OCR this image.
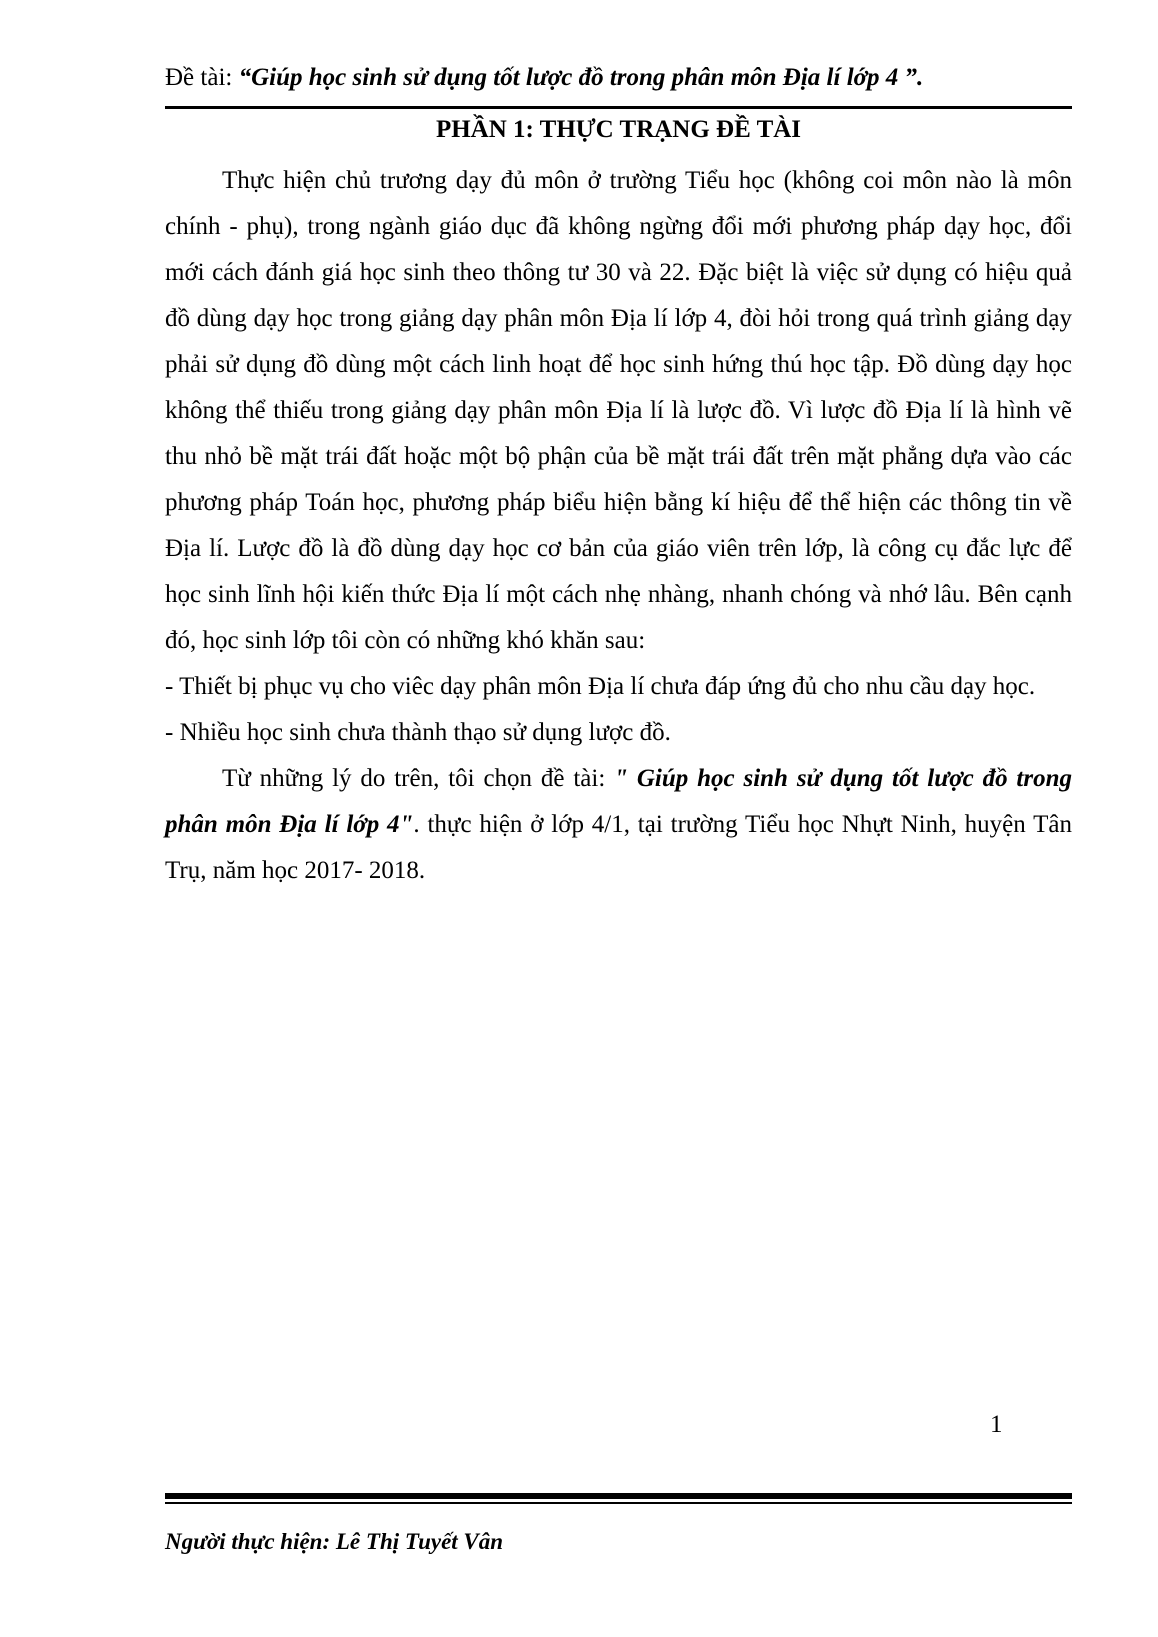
Đề tài: “Giúp học sinh sử dụng tốt lược đồ trong phân môn Địa lí lớp 4 ”.
PHẦN 1: THỰC TRẠNG ĐỀ TÀI

Thực hiện chủ trương dạy đủ môn ở trường Tiểu học (không coi môn nào là môn chính - phụ), trong ngành giáo dục đã không ngừng đổi mới phương pháp dạy học, đổi mới cách đánh giá học sinh theo thông tư 30 và 22. Đặc biệt là việc sử dụng có hiệu quả đồ dùng dạy học trong giảng dạy phân môn Địa lí lớp 4, đòi hỏi trong quá trình giảng dạy phải sử dụng đồ dùng một cách linh hoạt để học sinh hứng thú học tập. Đồ dùng dạy học không thể thiếu trong giảng dạy phân môn Địa lí là lược đồ. Vì lược đồ Địa lí là hình vẽ thu nhỏ bề mặt trái đất hoặc một bộ phận của bề mặt trái đất trên mặt phẳng dựa vào các phương pháp Toán học, phương pháp biểu hiện bằng kí hiệu để thể hiện các thông tin về Địa lí. Lược đồ là đồ dùng dạy học cơ bản của giáo viên trên lớp, là công cụ đắc lực để học sinh lĩnh hội kiến thức Địa lí một cách nhẹ nhàng, nhanh chóng và nhớ lâu. Bên cạnh đó, học sinh lớp tôi còn có những khó khăn sau:

- Thiết bị phục vụ cho viêc dạy phân môn Địa lí chưa đáp ứng đủ cho nhu cầu dạy học.

- Nhiều học sinh chưa thành thạo sử dụng lược đồ.

Từ những lý do trên, tôi chọn đề tài: " Giúp học sinh sử dụng tốt lược đồ trong phân môn Địa lí lớp 4". thực hiện ở lớp 4/1, tại trường Tiểu học Nhựt Ninh, huyện Tân Trụ, năm học 2017- 2018.

1
Người thực hiện: Lê Thị Tuyết Vân
